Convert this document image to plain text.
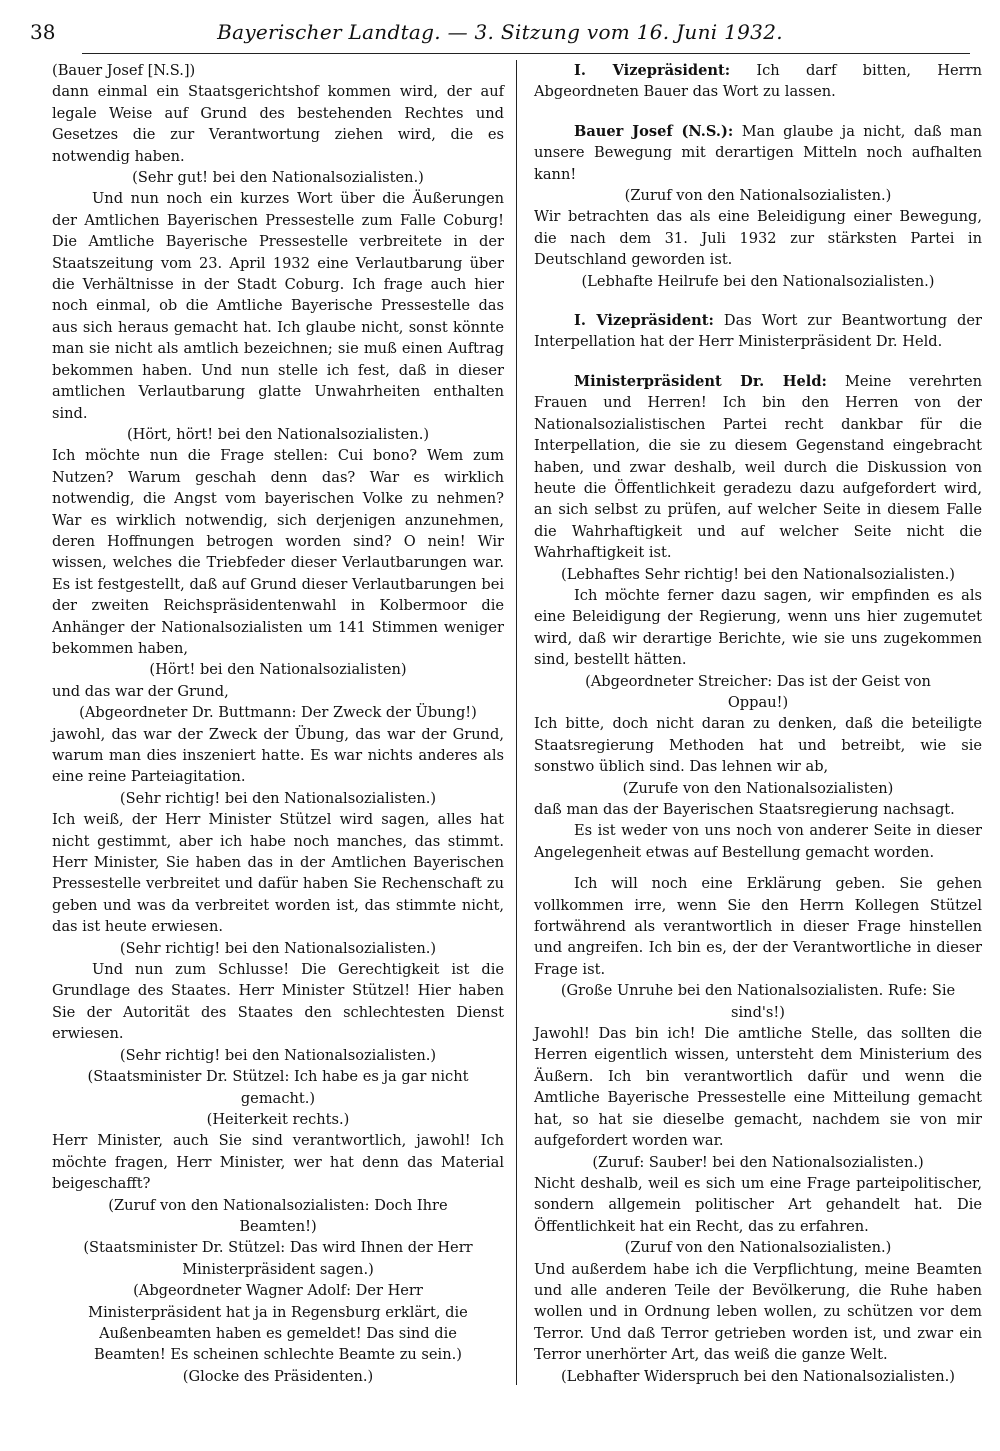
38	Bayerischer Landtag. — 3. Sitzung vom 16. Juni 1932.

(Bauer Josef [N.S.])

dann einmal ein Staatsgerichtshof kommen wird, der auf legale Weise auf Grund des bestehenden Rechtes und Gesetzes die zur Verantwortung ziehen wird, die es notwendig haben.

(Sehr gut! bei den Nationalsozialisten.)

Und nun noch ein kurzes Wort über die Äußerungen der Amtlichen Bayerischen Pressestelle zum Falle Coburg! Die Amtliche Bayerische Pressestelle verbreitete in der Staatszeitung vom 23. April 1932 eine Verlautbarung über die Verhältnisse in der Stadt Coburg. Ich frage auch hier noch einmal, ob die Amtliche Bayerische Pressestelle das aus sich heraus gemacht hat. Ich glaube nicht, sonst könnte man sie nicht als amtlich bezeichnen; sie muß einen Auftrag bekommen haben. Und nun stelle ich fest, daß in dieser amtlichen Verlautbarung glatte Unwahrheiten enthalten sind.

(Hört, hört! bei den Nationalsozialisten.)

Ich möchte nun die Frage stellen: Cui bono? Wem zum Nutzen? Warum geschah denn das? War es wirklich notwendig, die Angst vom bayerischen Volke zu nehmen? War es wirklich notwendig, sich derjenigen anzunehmen, deren Hoffnungen betrogen worden sind? O nein! Wir wissen, welches die Triebfeder dieser Verlautbarungen war. Es ist festgestellt, daß auf Grund dieser Verlautbarungen bei der zweiten Reichspräsidentenwahl in Kolbermoor die Anhänger der Nationalsozialisten um 141 Stimmen weniger bekommen haben,

(Hört! bei den Nationalsozialisten)

und das war der Grund,

(Abgeordneter Dr. Buttmann: Der Zweck der Übung!)

jawohl, das war der Zweck der Übung, das war der Grund, warum man dies inszeniert hatte. Es war nichts anderes als eine reine Parteiagitation.

(Sehr richtig! bei den Nationalsozialisten.)

Ich weiß, der Herr Minister Stützel wird sagen, alles hat nicht gestimmt, aber ich habe noch manches, das stimmt. Herr Minister, Sie haben das in der Amtlichen Bayerischen Pressestelle verbreitet und dafür haben Sie Rechenschaft zu geben und was da verbreitet worden ist, das stimmte nicht, das ist heute erwiesen.

(Sehr richtig! bei den Nationalsozialisten.)

Und nun zum Schlusse! Die Gerechtigkeit ist die Grundlage des Staates. Herr Minister Stützel! Hier haben Sie der Autorität des Staates den schlechtesten Dienst erwiesen.

(Sehr richtig! bei den Nationalsozialisten.)

(Staatsminister Dr. Stützel: Ich habe es ja gar nicht gemacht.)

(Heiterkeit rechts.)

Herr Minister, auch Sie sind verantwortlich, jawohl! Ich möchte fragen, Herr Minister, wer hat denn das Material beigeschafft?

(Zuruf von den Nationalsozialisten: Doch Ihre Beamten!)

(Staatsminister Dr. Stützel: Das wird Ihnen der Herr Ministerpräsident sagen.)

(Abgeordneter Wagner Adolf: Der Herr Ministerpräsident hat ja in Regensburg erklärt, die Außenbeamten haben es gemeldet! Das sind die Beamten! Es scheinen schlechte Beamte zu sein.)

(Glocke des Präsidenten.)

I. Vizepräsident: Ich darf bitten, Herrn Abgeordneten Bauer das Wort zu lassen.

Bauer Josef (N.S.): Man glaube ja nicht, daß man unsere Bewegung mit derartigen Mitteln noch aufhalten kann!

(Zuruf von den Nationalsozialisten.)

Wir betrachten das als eine Beleidigung einer Bewegung, die nach dem 31. Juli 1932 zur stärksten Partei in Deutschland geworden ist.

(Lebhafte Heilrufe bei den Nationalsozialisten.)

I. Vizepräsident: Das Wort zur Beantwortung der Interpellation hat der Herr Ministerpräsident Dr. Held.

Ministerpräsident Dr. Held: Meine verehrten Frauen und Herren! Ich bin den Herren von der Nationalsozialistischen Partei recht dankbar für die Interpellation, die sie zu diesem Gegenstand eingebracht haben, und zwar deshalb, weil durch die Diskussion von heute die Öffentlichkeit geradezu dazu aufgefordert wird, an sich selbst zu prüfen, auf welcher Seite in diesem Falle die Wahrhaftigkeit und auf welcher Seite nicht die Wahrhaftigkeit ist.

(Lebhaftes Sehr richtig! bei den Nationalsozialisten.)

Ich möchte ferner dazu sagen, wir empfinden es als eine Beleidigung der Regierung, wenn uns hier zugemutet wird, daß wir derartige Berichte, wie sie uns zugekommen sind, bestellt hätten.

(Abgeordneter Streicher: Das ist der Geist von Oppau!)

Ich bitte, doch nicht daran zu denken, daß die beteiligte Staatsregierung Methoden hat und betreibt, wie sie sonstwo üblich sind. Das lehnen wir ab,

(Zurufe von den Nationalsozialisten)

daß man das der Bayerischen Staatsregierung nachsagt.

Es ist weder von uns noch von anderer Seite in dieser Angelegenheit etwas auf Bestellung gemacht worden.

Ich will noch eine Erklärung geben. Sie gehen vollkommen irre, wenn Sie den Herrn Kollegen Stützel fortwährend als verantwortlich in dieser Frage hinstellen und angreifen. Ich bin es, der der Verantwortliche in dieser Frage ist.

(Große Unruhe bei den Nationalsozialisten. Rufe: Sie sind's!)

Jawohl! Das bin ich! Die amtliche Stelle, das sollten die Herren eigentlich wissen, untersteht dem Ministerium des Äußern. Ich bin verantwortlich dafür und wenn die Amtliche Bayerische Pressestelle eine Mitteilung gemacht hat, so hat sie dieselbe gemacht, nachdem sie von mir aufgefordert worden war.

(Zuruf: Sauber! bei den Nationalsozialisten.)

Nicht deshalb, weil es sich um eine Frage parteipolitischer, sondern allgemein politischer Art gehandelt hat. Die Öffentlichkeit hat ein Recht, das zu erfahren.

(Zuruf von den Nationalsozialisten.)

Und außerdem habe ich die Verpflichtung, meine Beamten und alle anderen Teile der Bevölkerung, die Ruhe haben wollen und in Ordnung leben wollen, zu schützen vor dem Terror. Und daß Terror getrieben worden ist, und zwar ein Terror unerhörter Art, das weiß die ganze Welt.

(Lebhafter Widerspruch bei den Nationalsozialisten.)
